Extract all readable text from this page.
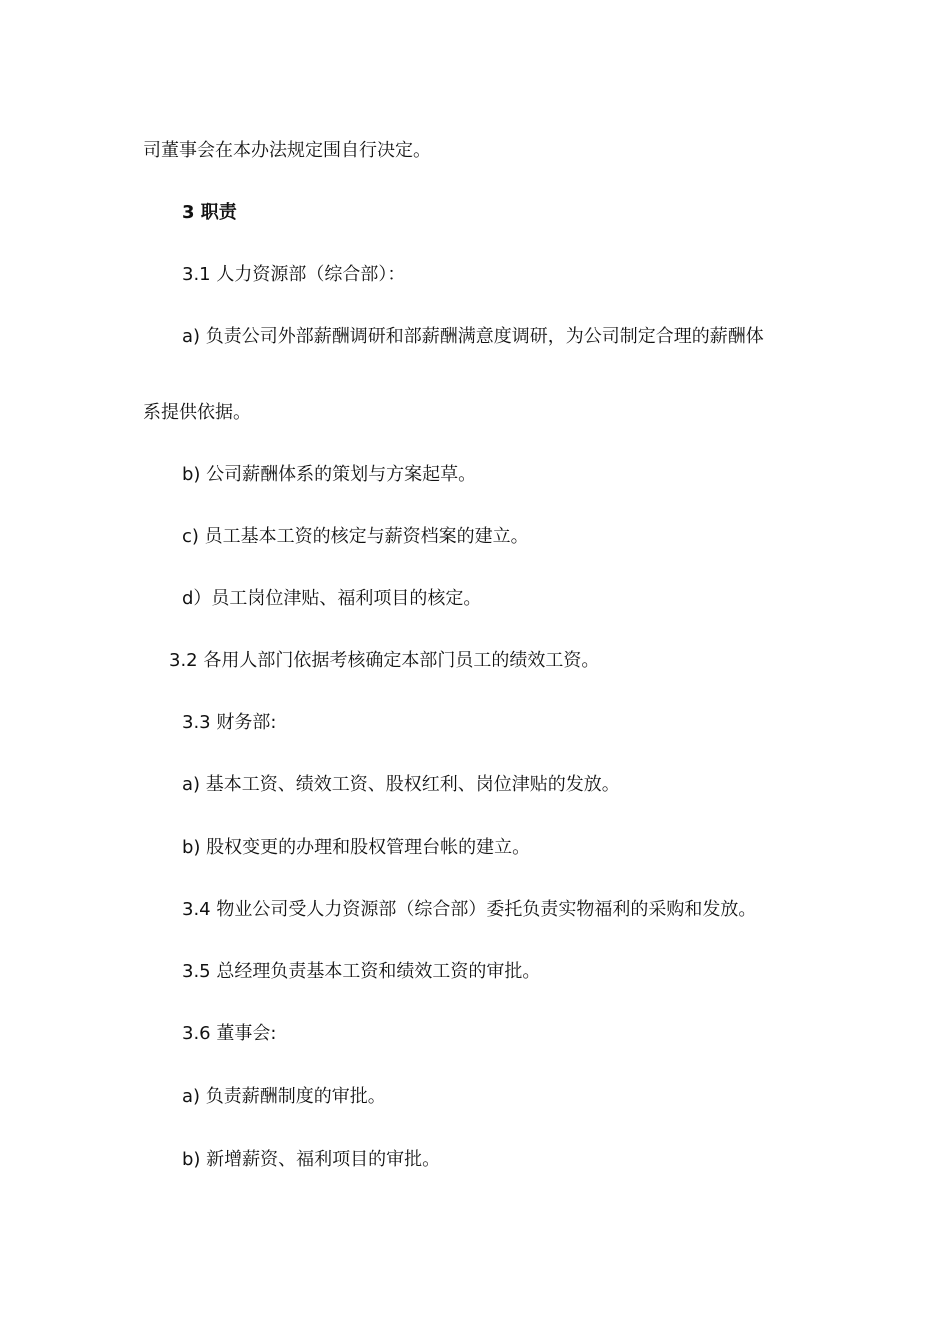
司董事会在本办法规定围自行决定。
3 职责
3.1 人力资源部（综合部）：
a) 负责公司外部薪酬调研和部薪酬满意度调研，为公司制定合理的薪酬体
系提供依据。
b) 公司薪酬体系的策划与方案起草。
c) 员工基本工资的核定与薪资档案的建立。
d）员工岗位津贴、福利项目的核定。
3.2 各用人部门依据考核确定本部门员工的绩效工资。
3.3 财务部:
a) 基本工资、绩效工资、股权红利、岗位津贴的发放。
b) 股权变更的办理和股权管理台帐的建立。
3.4 物业公司受人力资源部（综合部）委托负责实物福利的采购和发放。
3.5 总经理负责基本工资和绩效工资的审批。
3.6 董事会:
a) 负责薪酬制度的审批。
b) 新增薪资、福利项目的审批。
